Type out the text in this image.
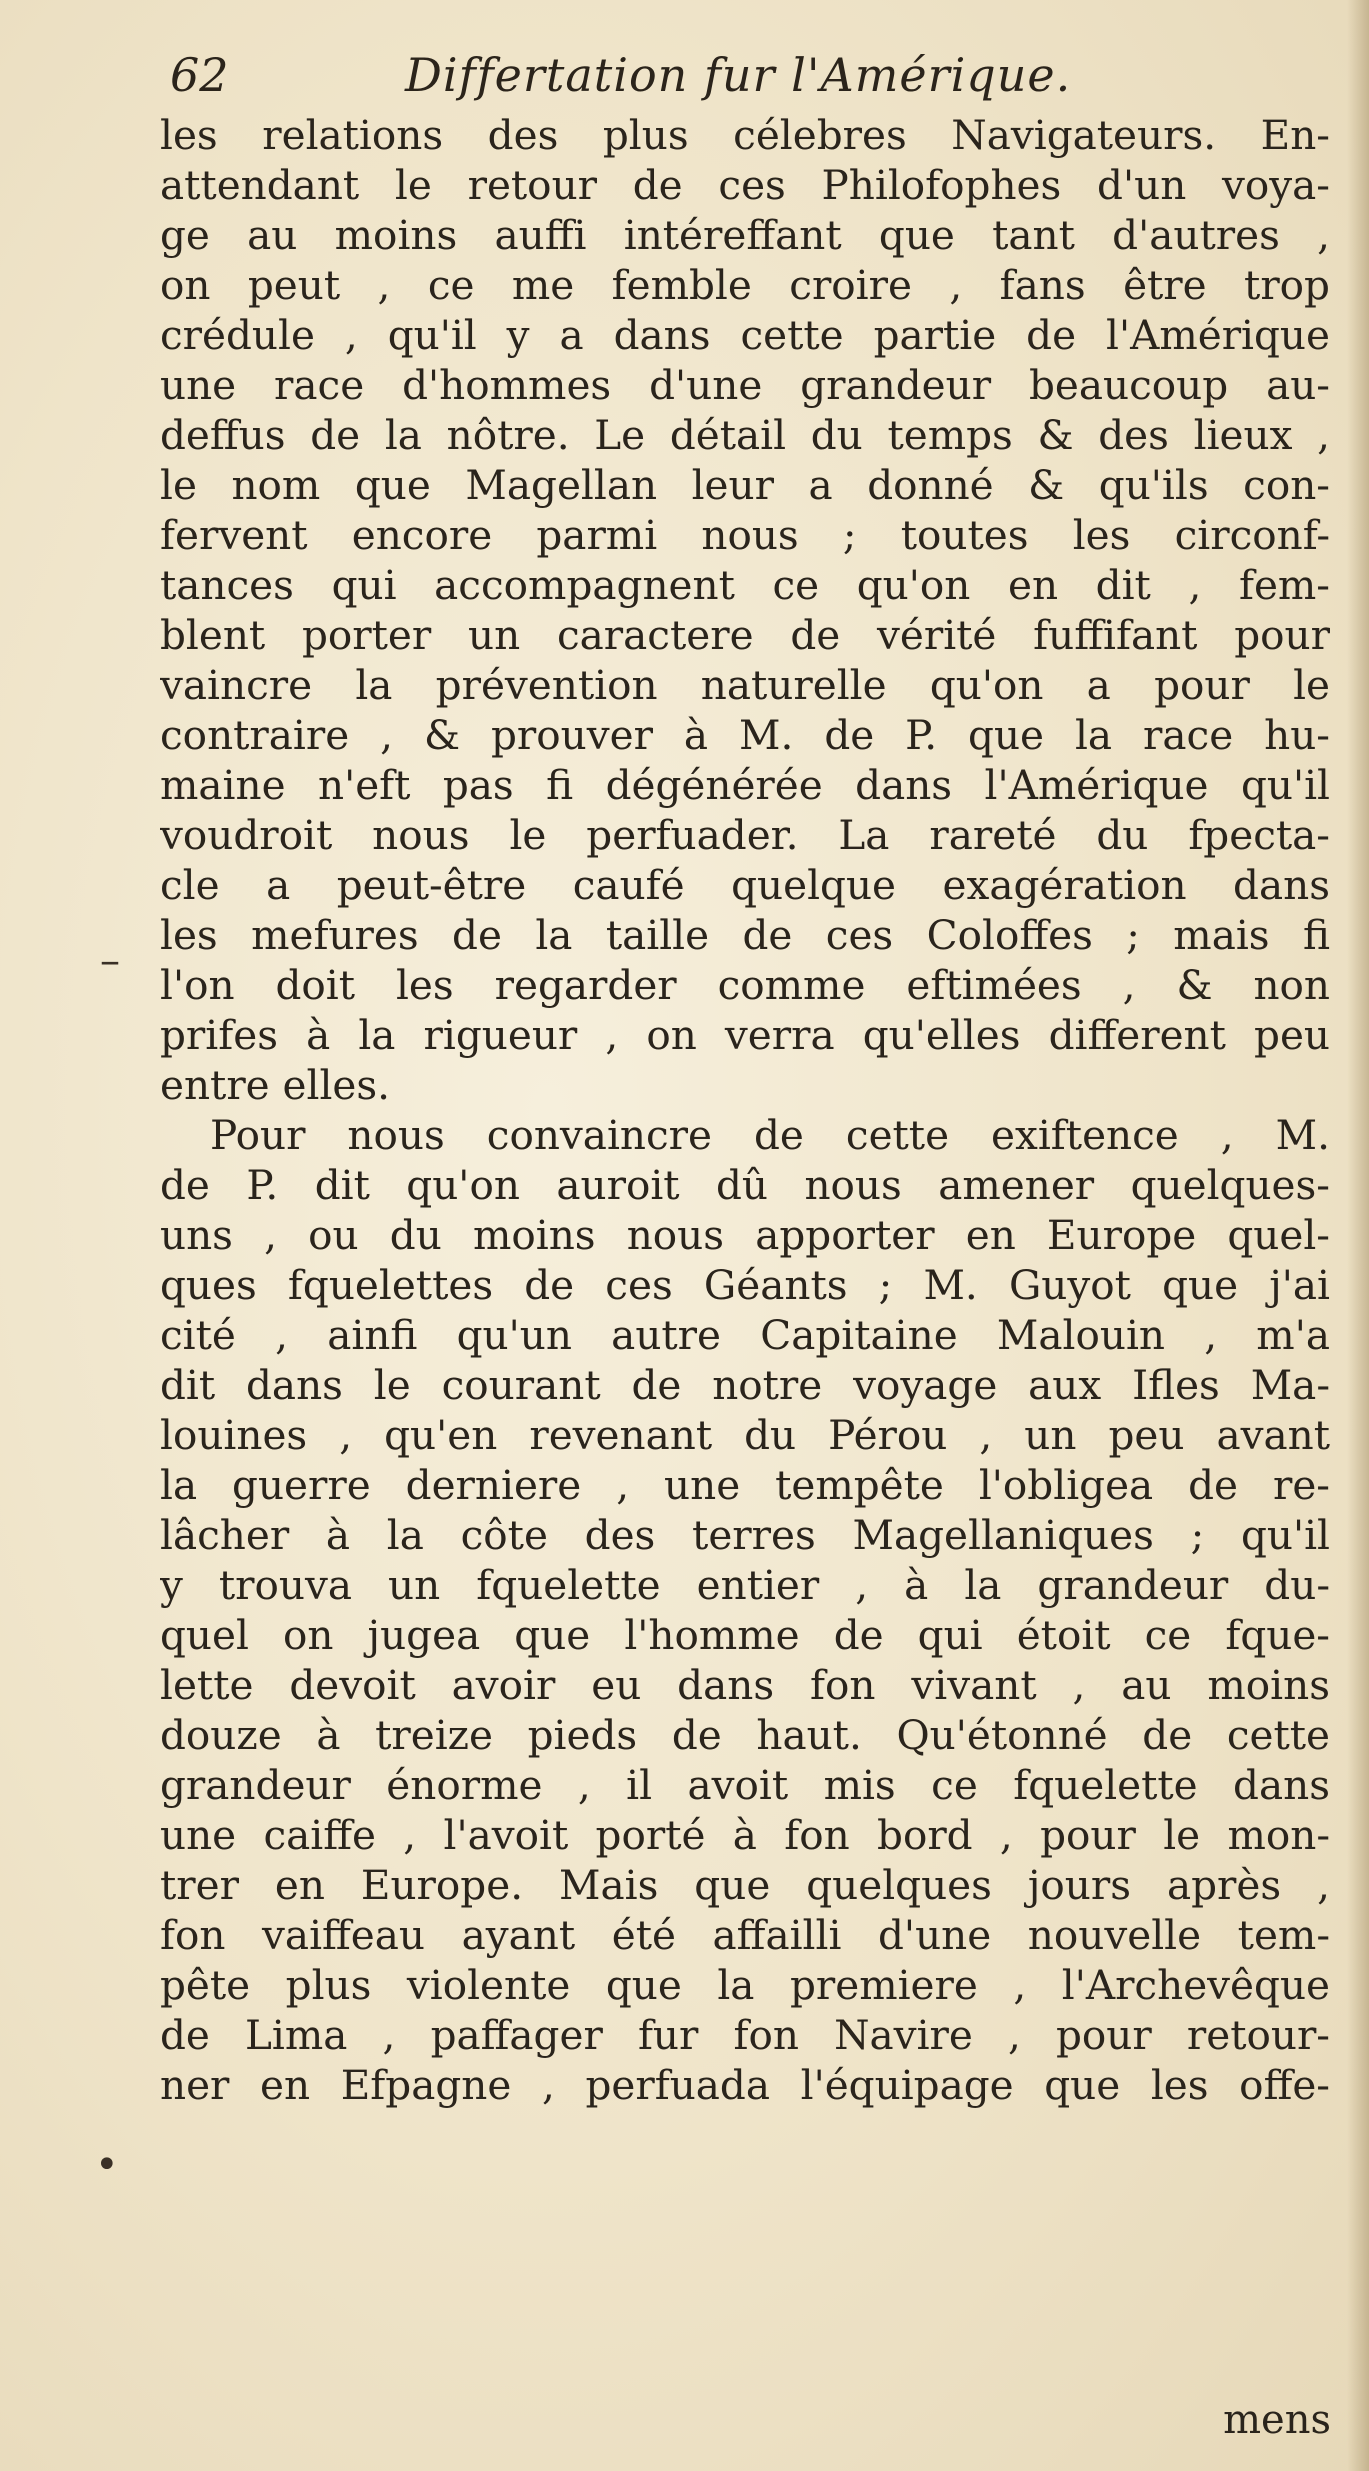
–
•
62	Differtation fur l'Amérique.
les relations des plus célebres Navigateurs. En-
attendant le retour de ces Philofophes d'un voya-
ge au moins auffi intéreffant que tant d'autres ,
on peut , ce me femble croire , fans être trop
crédule , qu'il y a dans cette partie de l'Amérique
une race d'hommes d'une grandeur beaucoup au-
deffus de la nôtre. Le détail du temps & des lieux ,
le nom que Magellan leur a donné & qu'ils con-
fervent encore parmi nous ; toutes les circonf-
tances qui accompagnent ce qu'on en dit , fem-
blent porter un caractere de vérité fuffifant pour
vaincre la prévention naturelle qu'on a pour le
contraire , & prouver à M. de P. que la race hu-
maine n'eft pas fi dégénérée dans l'Amérique qu'il
voudroit nous le perfuader. La rareté du fpecta-
cle a peut-être caufé quelque exagération dans
les mefures de la taille de ces Coloffes ; mais fi
l'on doit les regarder comme eftimées , & non
prifes à la rigueur , on verra qu'elles different peu
entre elles.
Pour nous convaincre de cette exiftence , M.
de P. dit qu'on auroit dû nous amener quelques-
uns , ou du moins nous apporter en Europe quel-
ques fquelettes de ces Géants ; M. Guyot que j'ai
cité , ainfi qu'un autre Capitaine Malouin , m'a
dit dans le courant de notre voyage aux Ifles Ma-
louines , qu'en revenant du Pérou , un peu avant
la guerre derniere , une tempête l'obligea de re-
lâcher à la côte des terres Magellaniques ; qu'il
y trouva un fquelette entier , à la grandeur du-
quel on jugea que l'homme de qui étoit ce fque-
lette devoit avoir eu dans fon vivant , au moins
douze à treize pieds de haut. Qu'étonné de cette
grandeur énorme , il avoit mis ce fquelette dans
une caiffe , l'avoit porté à fon bord , pour le mon-
trer en Europe. Mais que quelques jours après ,
fon vaiffeau ayant été affailli d'une nouvelle tem-
pête plus violente que la premiere , l'Archevêque
de Lima , paffager fur fon Navire , pour retour-
ner en Efpagne , perfuada l'équipage que les offe-
mens
